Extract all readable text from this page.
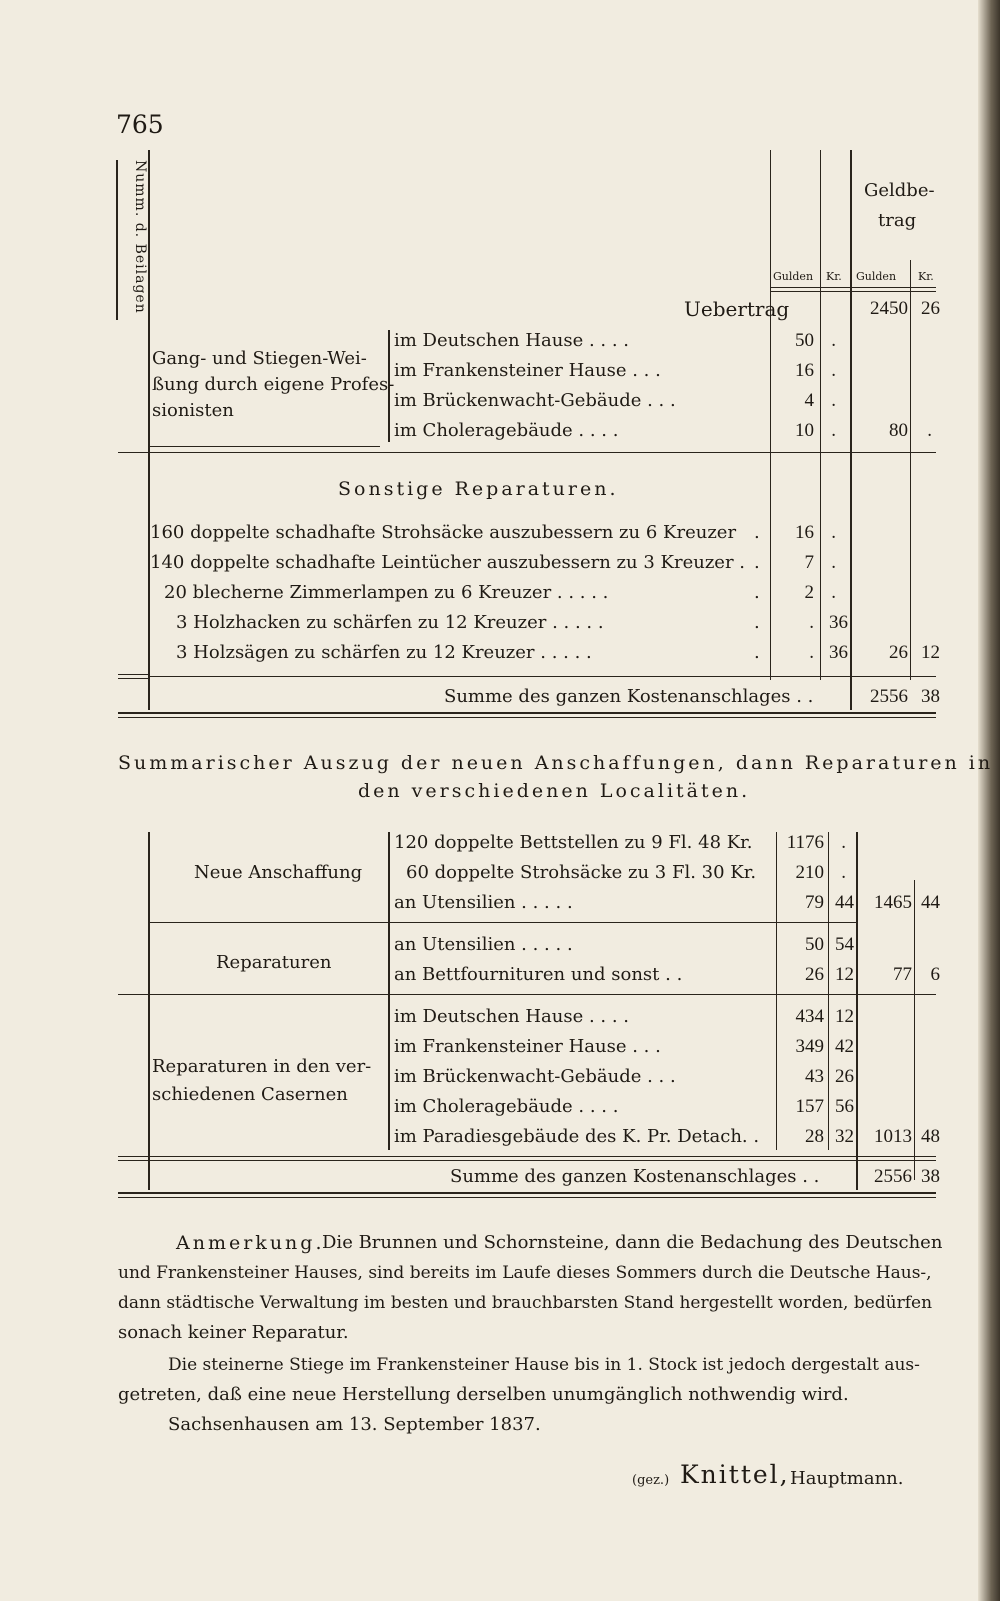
765
Numm. d. Beilagen	Geldbe-
trag
Gulden Kr. Gulden Kr.
Uebertrag	2450 26
Gang- und Stiegen-Wei-
ßung durch eigene Profes-
sionisten
im Deutschen Hause . . . .	50 .
im Frankensteiner Hause . . .	16 .
im Brückenwacht-Gebäude . . .	4 .
im Choleragebäude . . . .	10 .	80	.
Sonstige Reparaturen.
160 doppelte schadhafte Strohsäcke auszubessern zu 6 Kreuzer .	16 .
140 doppelte schadhafte Leintücher auszubessern zu 3 Kreuzer . .	7 .
20 blecherne Zimmerlampen zu 6 Kreuzer . . . . .	.	2 .
3 Holzhacken zu schärfen zu 12 Kreuzer . . . . .	.	. 36
3 Holzsägen zu schärfen zu 12 Kreuzer . . . . .	.	. 36	26 12
Summe des ganzen Kostenanschlages . .	2556 38
Summarischer Auszug der neuen Anschaffungen, dann Reparaturen in
den verschiedenen Localitäten.
Neue Anschaffung
120 doppelte Bettstellen zu 9 Fl. 48 Kr.	1176 .
60 doppelte Strohsäcke zu 3 Fl. 30 Kr.	210 .
an Utensilien . . . . .	79 44	1465 44
Reparaturen
an Utensilien . . . . .	50 54
an Bettfournituren und sonst . .	26 12	77 6
Reparaturen in den ver-
schiedenen Casernen
im Deutschen Hause . . . .	434 12
im Frankensteiner Hause . . .	349 42
im Brückenwacht-Gebäude . . .	43 26
im Choleragebäude . . . .	157 56
im Paradiesgebäude des K. Pr. Detach. .	28 32	1013 48
Summe des ganzen Kostenanschlages . .	2556 38
Anmerkung.
Die Brunnen und Schornsteine, dann die Bedachung des Deutschen
und Frankensteiner Hauses, sind bereits im Laufe dieses Sommers durch die Deutsche Haus-,
dann städtische Verwaltung im besten und brauchbarsten Stand hergestellt worden, bedürfen
sonach keiner Reparatur.
Die steinerne Stiege im Frankensteiner Hause bis in 1. Stock ist jedoch dergestalt aus-
getreten, daß eine neue Herstellung derselben unumgänglich nothwendig wird.
Sachsenhausen am 13. September 1837.
(gez.) Knittel, Hauptmann.
